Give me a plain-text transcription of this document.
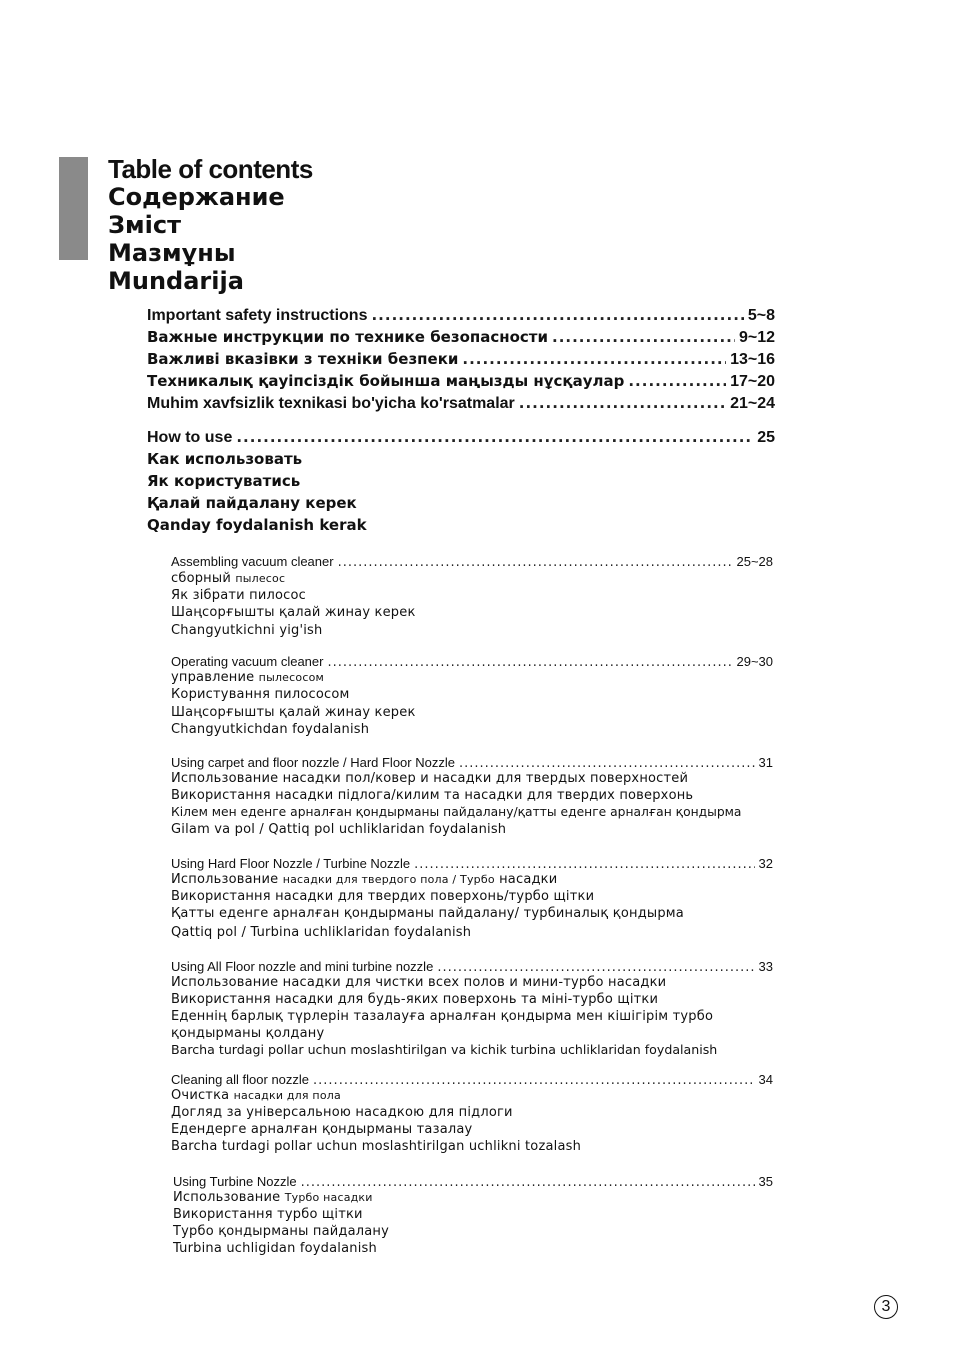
Table of contents
Содержание
Зміст
Мазмұны
Mundarija
Important safety instructions .....	5~8
Важные инструкции по технике безопасности .....	9~12
Важливі вказівки з техніки безпеки .....	13~16
Техникалық қауіпсіздік бойынша маңызды нұсқаулар .....	17~20
Muhim xavfsizlik texnikasi bo'yicha ko'rsatmalar .....	21~24
How to use .....	25
Как использовать
Як користуватись
Қалай пайдалану керек
Qanday foydalanish kerak
Assembling vacuum cleaner .....	25~28
сборный пылесос
Як зібрати пилосос
Шаңсорғышты қалай жинау керек
Changyutkichni yig'ish
Operating vacuum cleaner .....	29~30
управление пылесосом
Користування пилососом
Шаңсорғышты қалай жинау керек
Changyutkichdan foydalanish
Using carpet and floor nozzle / Hard Floor Nozzle .....	31
Использование насадки пол/ковер и насадки для твердых поверхностей
Використання насадки підлога/килим та насадки для твердих поверхонь
Кілем мен еденге арналған қондырманы пайдалану/қатты еденге арналған қондырма
Gilam va pol / Qattiq pol uchliklaridan foydalanish
Using Hard Floor Nozzle / Turbine Nozzle .....	32
Использование насадки для твердого пола / Турбо насадки
Використання насадки для твердих поверхонь/турбо щітки
Қатты еденге арналған қондырманы пайдалану/ турбиналық қондырма
Qattiq pol / Turbina uchliklaridan foydalanish
Using All Floor nozzle and mini turbine nozzle .....	33
Использование насадки для чистки всех полов и мини-турбо насадки
Використання насадки для будь-яких поверхонь та міні-турбо щітки
Еденнің барлық түрлерін тазалауға арналған қондырма мен кішігірім турбо
қондырманы қолдану
Barcha turdagi pollar uchun moslashtirilgan va kichik turbina uchliklaridan foydalanish
Cleaning all floor nozzle .....	34
Очистка насадки для пола
Догляд за універсальною насадкою для підлоги
Едендерге арналған қондырманы тазалау
Barcha turdagi pollar uchun moslashtirilgan uchlikni tozalash
Using Turbine Nozzle .....	35
Использование Турбо насадки
Використання турбо щітки
Турбо қондырманы пайдалану
Turbina uchligidan foydalanish
3
